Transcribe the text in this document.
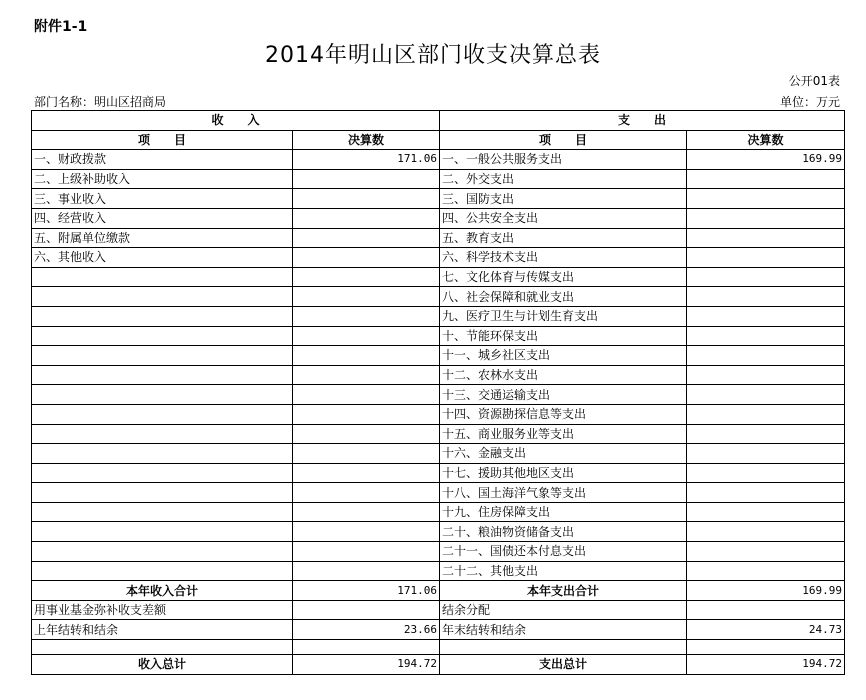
附件1-1
2014年明山区部门收支决算总表
公开01表
部门名称：明山区招商局	单位：万元
收　　入		支　　出	
项　　目	决算数	项　　目	决算数
一、财政拨款	171.06	一、一般公共服务支出	169.99
二、上级补助收入		二、外交支出	
三、事业收入		三、国防支出	
四、经营收入		四、公共安全支出	
五、附属单位缴款		五、教育支出	
六、其他收入		六、科学技术支出	
		七、文化体育与传媒支出	
		八、社会保障和就业支出	
		九、医疗卫生与计划生育支出	
		十、节能环保支出	
		十一、城乡社区支出	
		十二、农林水支出	
		十三、交通运输支出	
		十四、资源勘探信息等支出	
		十五、商业服务业等支出	
		十六、金融支出	
		十七、援助其他地区支出	
		十八、国土海洋气象等支出	
		十九、住房保障支出	
		二十、粮油物资储备支出	
		二十一、国债还本付息支出	
		二十二、其他支出	
本年收入合计	171.06	本年支出合计	169.99
用事业基金弥补收支差额		结余分配	
上年结转和结余	23.66	年末结转和结余	24.73

收入总计	194.72	支出总计	194.72
